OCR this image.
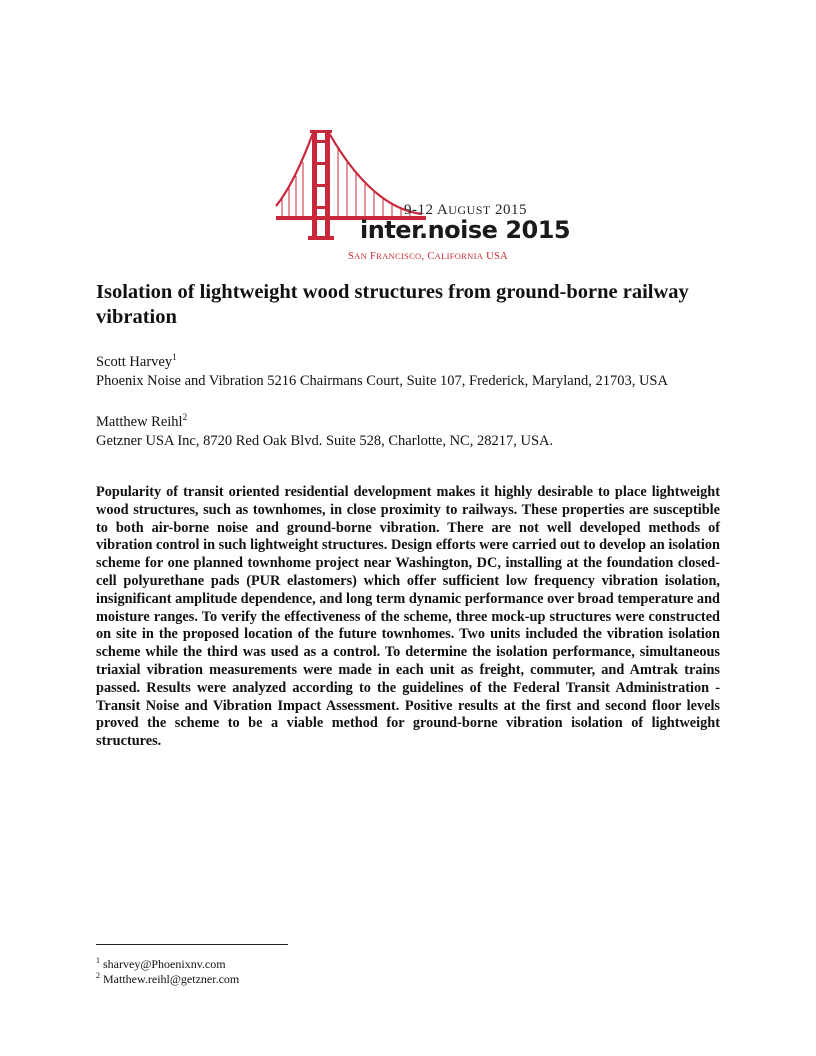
9-12 AUGUST 2015
inter.noise 2015
SAN FRANCISCO, CALIFORNIA USA
Isolation of lightweight wood structures from ground-borne railway vibration
Scott Harvey$^1$
Phoenix Noise and Vibration 5216 Chairmans Court, Suite 107, Frederick, Maryland, 21703, USA
Matthew Reihl$^2$
Getzner USA Inc, 8720 Red Oak Blvd. Suite 528, Charlotte, NC, 28217, USA.

Popularity of transit oriented residential development makes it highly desirable to place lightweight wood structures, such as townhomes, in close proximity to railways. These properties are susceptible to both air-borne noise and ground-borne vibration. There are not well developed methods of vibration control in such lightweight structures. Design efforts were carried out to develop an isolation scheme for one planned townhome project near Washington, DC, installing at the foundation closed-cell polyurethane pads (PUR elastomers) which offer sufficient low frequency vibration isolation, insignificant amplitude dependence, and long term dynamic performance over broad temperature and moisture ranges. To verify the effectiveness of the scheme, three mock-up structures were constructed on site in the proposed location of the future townhomes. Two units included the vibration isolation scheme while the third was used as a control. To determine the isolation performance, simultaneous triaxial vibration measurements were made in each unit as freight, commuter, and Amtrak trains passed. Results were analyzed according to the guidelines of the Federal Transit Administration - Transit Noise and Vibration Impact Assessment. Positive results at the first and second floor levels proved the scheme to be a viable method for ground-borne vibration isolation of lightweight structures.

$^1$ sharvey@Phoenixnv.com
$^2$ Matthew.reihl@getzner.com
